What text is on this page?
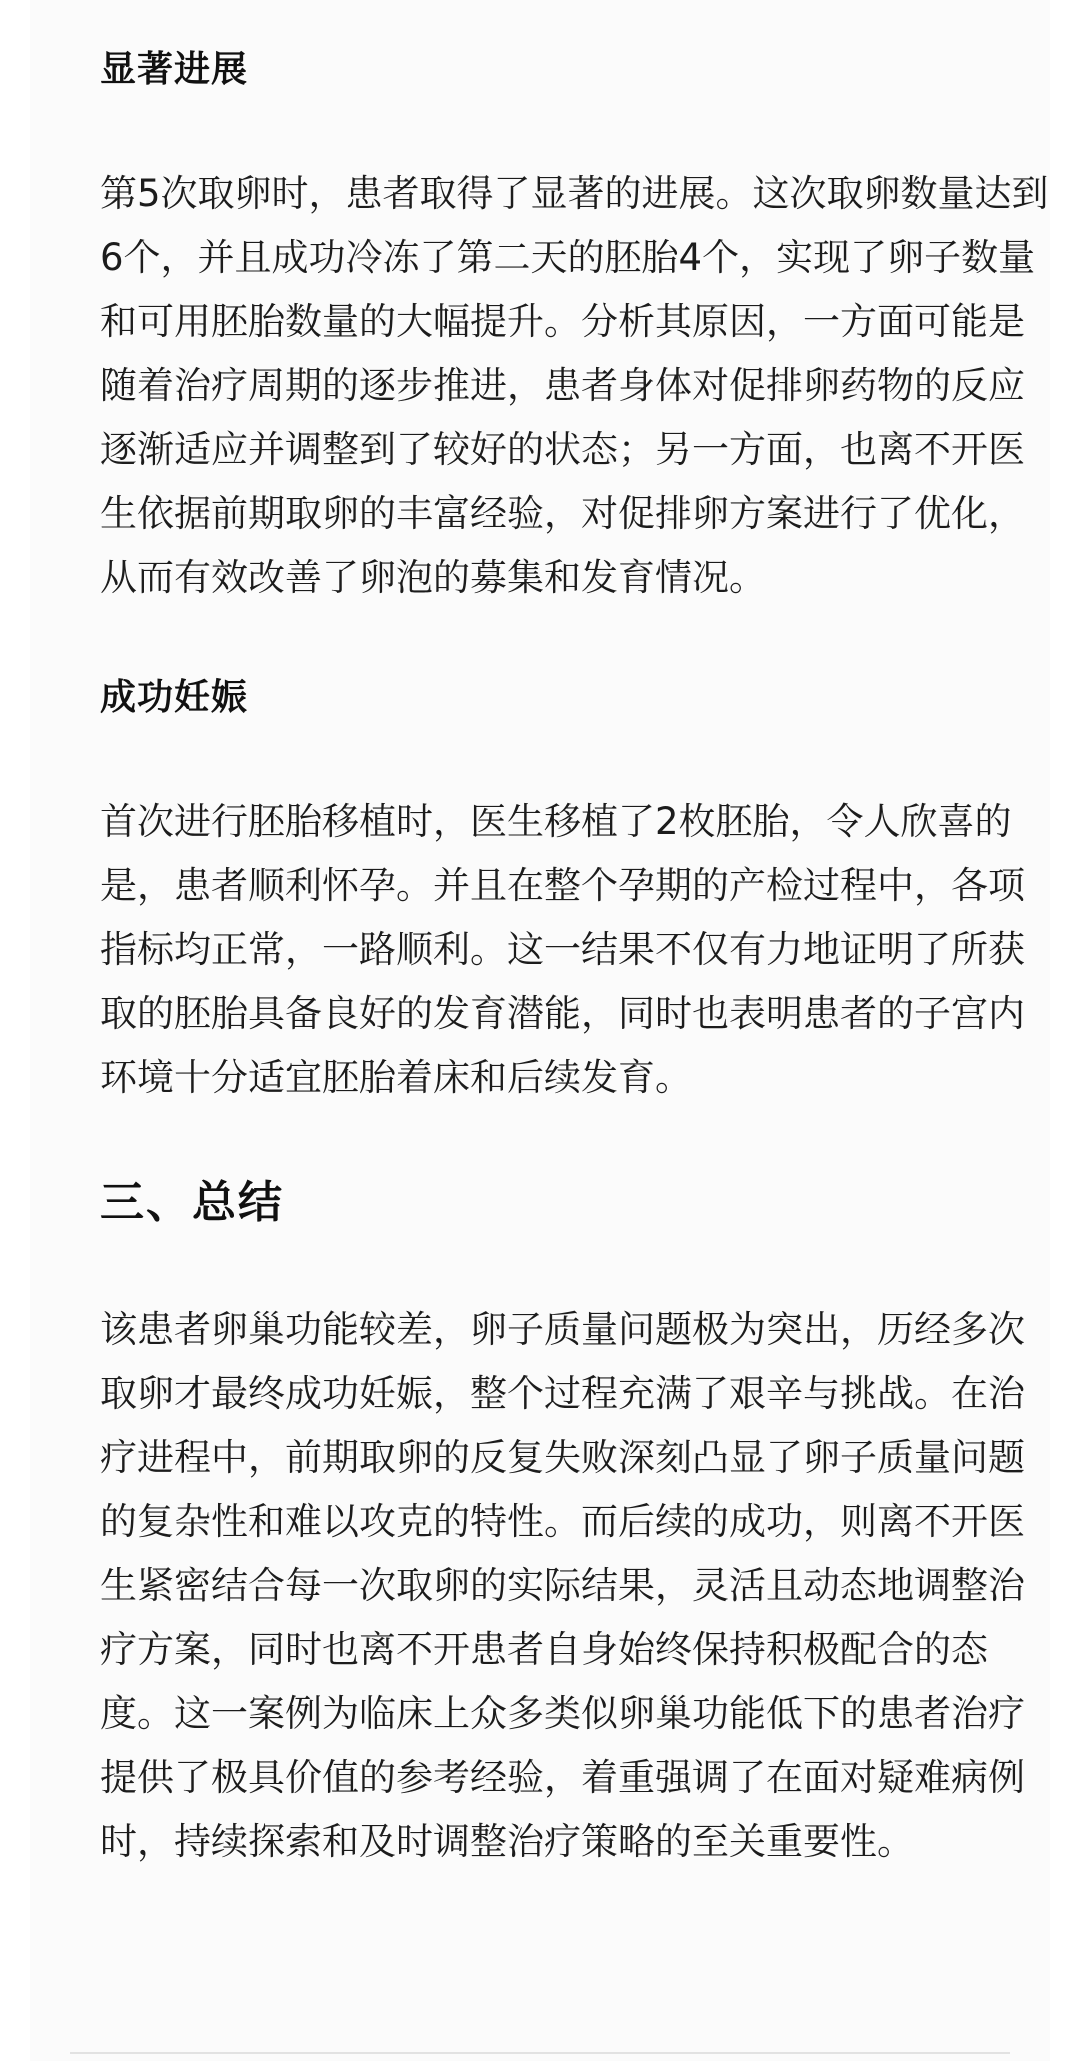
显著进展

第5次取卵时，患者取得了显著的进展。这次取卵数量达到6个，并且成功冷冻了第二天的胚胎4个，实现了卵子数量和可用胚胎数量的大幅提升。分析其原因，一方面可能是随着治疗周期的逐步推进，患者身体对促排卵药物的反应逐渐适应并调整到了较好的状态；另一方面，也离不开医生依据前期取卵的丰富经验，对促排卵方案进行了优化，从而有效改善了卵泡的募集和发育情况。

成功妊娠

首次进行胚胎移植时，医生移植了2枚胚胎，令人欣喜的是，患者顺利怀孕。并且在整个孕期的产检过程中，各项指标均正常，一路顺利。这一结果不仅有力地证明了所获取的胚胎具备良好的发育潜能，同时也表明患者的子宫内环境十分适宜胚胎着床和后续发育。

三、总结

该患者卵巢功能较差，卵子质量问题极为突出，历经多次取卵才最终成功妊娠，整个过程充满了艰辛与挑战。在治疗进程中，前期取卵的反复失败深刻凸显了卵子质量问题的复杂性和难以攻克的特性。而后续的成功，则离不开医生紧密结合每一次取卵的实际结果，灵活且动态地调整治疗方案，同时也离不开患者自身始终保持积极配合的态度。这一案例为临床上众多类似卵巢功能低下的患者治疗提供了极具价值的参考经验，着重强调了在面对疑难病例时，持续探索和及时调整治疗策略的至关重要性。
